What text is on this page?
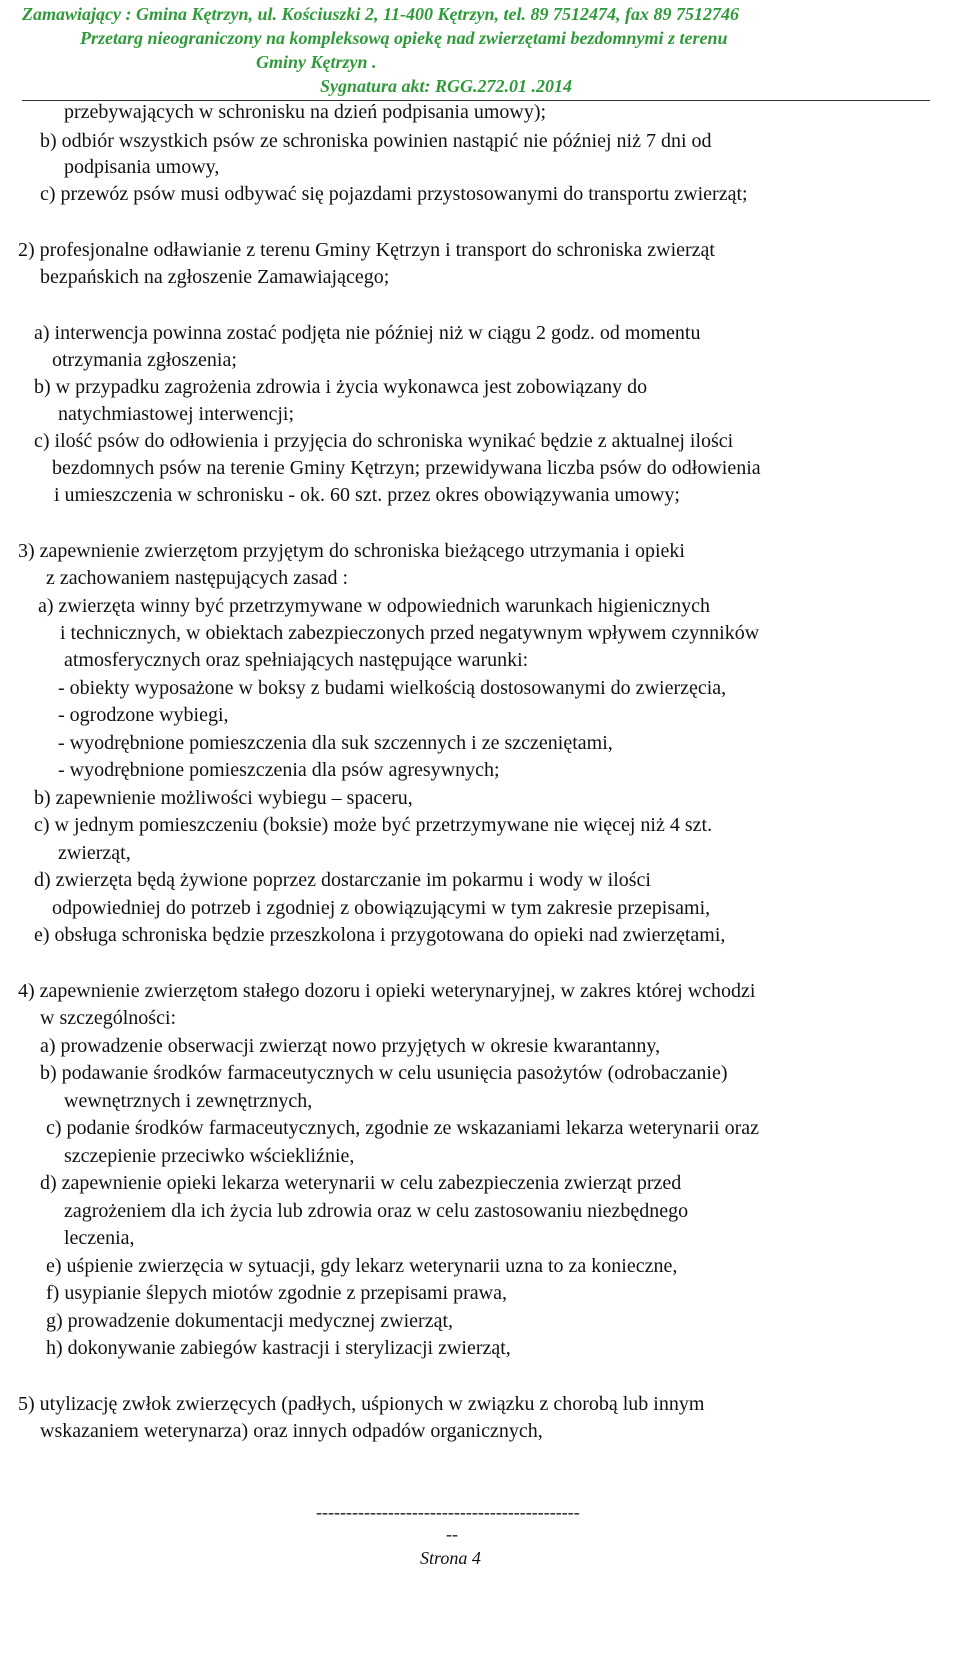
Zamawiający : Gmina Kętrzyn, ul. Kościuszki 2, 11-400 Kętrzyn, tel. 89 7512474, fax 89 7512746

Przetarg nieograniczony na kompleksową opiekę nad zwierzętami bezdomnymi z terenu

Gminy Kętrzyn .

Sygnatura akt: RGG.272.01 .2014

przebywających w schronisku na dzień podpisania umowy);

b) odbiór wszystkich psów ze schroniska powinien nastąpić nie później niż 7 dni od

podpisania umowy,

c) przewóz psów musi odbywać się pojazdami przystosowanymi do transportu zwierząt;

2) profesjonalne odławianie z terenu Gminy Kętrzyn i transport do schroniska zwierząt

bezpańskich na zgłoszenie Zamawiającego;

a) interwencja powinna zostać podjęta nie później niż w ciągu 2 godz. od momentu

otrzymania zgłoszenia;

b) w przypadku zagrożenia zdrowia i życia wykonawca jest zobowiązany do

natychmiastowej interwencji;

c) ilość psów do odłowienia i przyjęcia do schroniska wynikać będzie z aktualnej ilości

bezdomnych psów na terenie Gminy Kętrzyn; przewidywana liczba psów do odłowienia

i umieszczenia w schronisku - ok. 60 szt. przez okres obowiązywania umowy;

3) zapewnienie zwierzętom przyjętym do schroniska bieżącego utrzymania i opieki

z zachowaniem następujących zasad :

a) zwierzęta winny być przetrzymywane w odpowiednich warunkach higienicznych

i technicznych, w obiektach zabezpieczonych przed negatywnym wpływem czynników

atmosferycznych oraz spełniających następujące warunki:

- obiekty wyposażone w boksy z budami wielkością dostosowanymi do zwierzęcia,

- ogrodzone wybiegi,

- wyodrębnione pomieszczenia dla suk szczennych i ze szczeniętami,

- wyodrębnione pomieszczenia dla psów agresywnych;

b) zapewnienie możliwości wybiegu – spaceru,

c) w jednym pomieszczeniu (boksie) może być przetrzymywane nie więcej niż 4 szt.

zwierząt,

d) zwierzęta będą żywione poprzez dostarczanie im pokarmu i wody w ilości

odpowiedniej do potrzeb i zgodniej z obowiązującymi w tym zakresie przepisami,

e) obsługa schroniska będzie przeszkolona i przygotowana do opieki nad zwierzętami,

4) zapewnienie zwierzętom stałego dozoru i opieki weterynaryjnej, w zakres której wchodzi

w szczególności:

a) prowadzenie obserwacji zwierząt nowo przyjętych w okresie kwarantanny,

b) podawanie środków farmaceutycznych w celu usunięcia pasożytów (odrobaczanie)

wewnętrznych i zewnętrznych,

c) podanie środków farmaceutycznych, zgodnie ze wskazaniami lekarza weterynarii oraz

szczepienie przeciwko wściekliźnie,

d) zapewnienie opieki lekarza weterynarii w celu zabezpieczenia zwierząt przed

zagrożeniem dla ich życia lub zdrowia oraz w celu zastosowaniu niezbędnego

leczenia,

e) uśpienie zwierzęcia w sytuacji, gdy lekarz weterynarii uzna to za konieczne,

f) usypianie ślepych miotów zgodnie z przepisami prawa,

g) prowadzenie dokumentacji medycznej zwierząt,

h) dokonywanie zabiegów kastracji i sterylizacji zwierząt,

5) utylizację zwłok zwierzęcych (padłych, uśpionych w związku z chorobą lub innym

wskazaniem weterynarza) oraz innych odpadów organicznych,

--------------------------------------------

--

Strona 4
